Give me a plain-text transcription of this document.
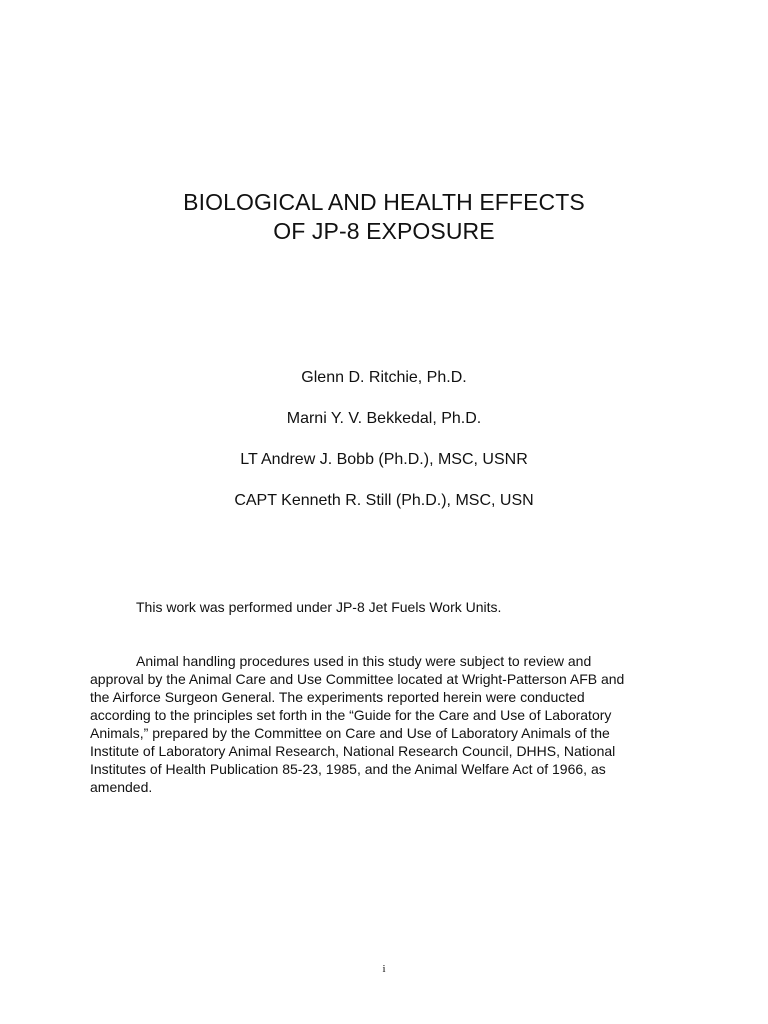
BIOLOGICAL AND HEALTH EFFECTS
OF JP-8 EXPOSURE
Glenn D. Ritchie, Ph.D.
Marni Y. V. Bekkedal, Ph.D.
LT Andrew J. Bobb (Ph.D.), MSC, USNR
CAPT Kenneth R. Still (Ph.D.), MSC, USN
This work was performed under JP-8 Jet Fuels Work Units.
Animal handling procedures used in this study were subject to review and
approval by the Animal Care and Use Committee located at Wright-Patterson AFB and
the Airforce Surgeon General. The experiments reported herein were conducted
according to the principles set forth in the “Guide for the Care and Use of Laboratory
Animals,” prepared by the Committee on Care and Use of Laboratory Animals of the
Institute of Laboratory Animal Research, National Research Council, DHHS, National
Institutes of Health Publication 85-23, 1985, and the Animal Welfare Act of 1966, as
amended.
i
